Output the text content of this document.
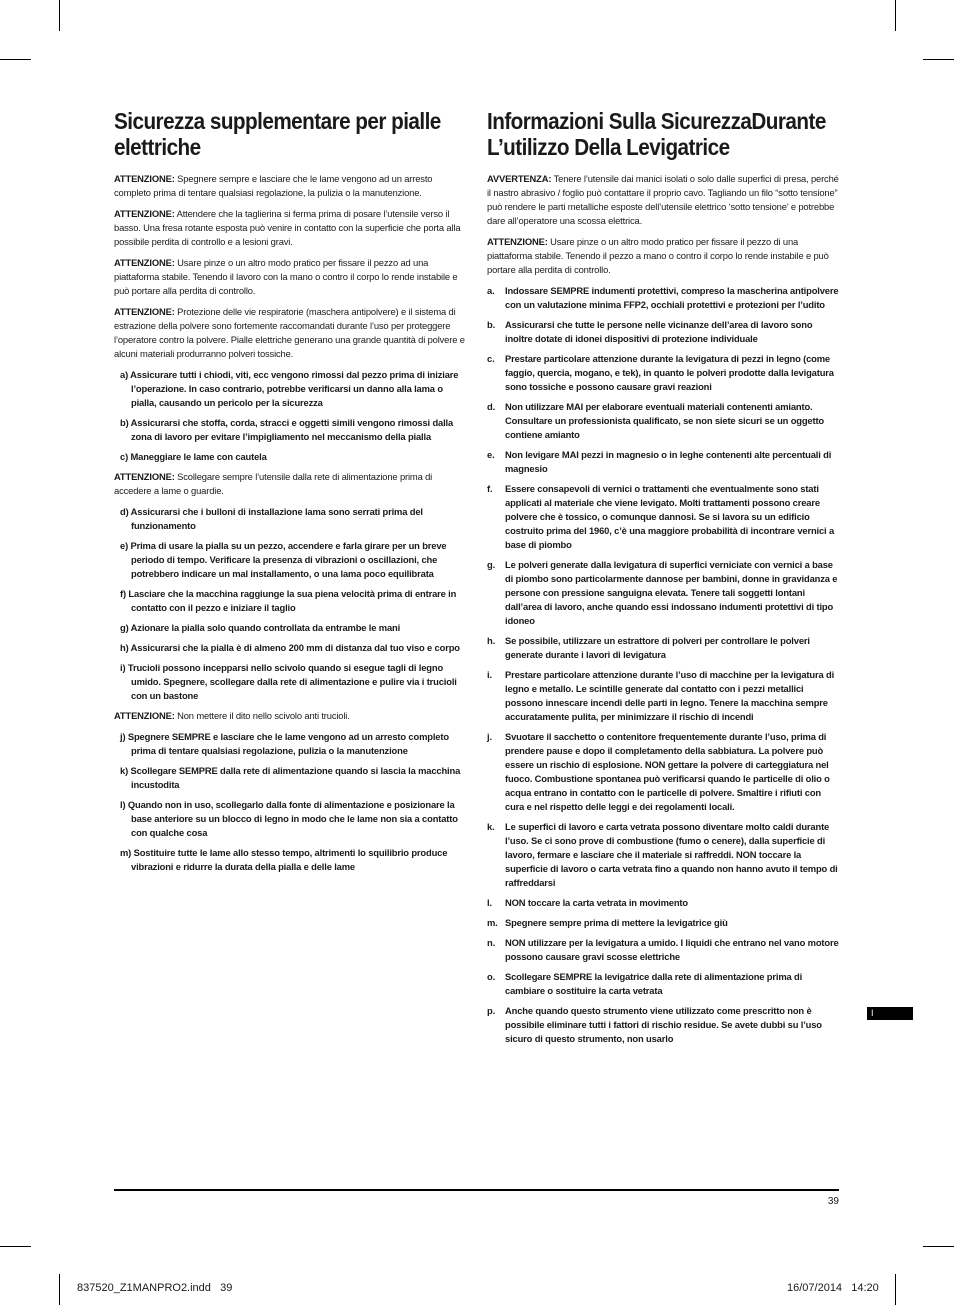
Sicurezza supplementare per pialle elettriche
ATTENZIONE: Spegnere sempre e lasciare che le lame vengono ad un arresto completo prima di tentare qualsiasi regolazione, la pulizia o la manutenzione.
ATTENZIONE: Attendere che la taglierina si ferma prima di posare l’utensile verso il basso. Una fresa rotante esposta può venire in contatto con la superficie che porta alla possibile perdita di controllo e a lesioni gravi.
ATTENZIONE: Usare pinze o un altro modo pratico per fissare il pezzo ad una piattaforma stabile. Tenendo il lavoro con la mano o contro il corpo lo rende instabile e può portare alla perdita di controllo.
ATTENZIONE: Protezione delle vie respiratorie (maschera antipolvere) e il sistema di estrazione della polvere sono fortemente raccomandati durante l’uso per proteggere l’operatore contro la polvere. Pialle elettriche generano una grande quantità di polvere e alcuni materiali produrranno polveri tossiche.
a) Assicurare tutti i chiodi, viti, ecc vengono rimossi dal pezzo prima di iniziare l’operazione. In caso contrario, potrebbe verificarsi un danno alla lama o pialla, causando un pericolo per la sicurezza
b) Assicurarsi che stoffa, corda, stracci e oggetti simili vengono rimossi dalla zona di lavoro per evitare l’impigliamento nel meccanismo della pialla
c) Maneggiare le lame con cautela
ATTENZIONE: Scollegare sempre l’utensile dalla rete di alimentazione prima di accedere a lame o guardie.
d) Assicurarsi che i bulloni di installazione lama sono serrati prima del funzionamento
e) Prima di usare la pialla su un pezzo, accendere e farla girare per un breve periodo di tempo. Verificare la presenza di vibrazioni o oscillazioni, che potrebbero indicare un mal installamento, o una lama poco equilibrata
f) Lasciare che la macchina raggiunge la sua piena velocità prima di entrare in contatto con il pezzo e iniziare il taglio
g) Azionare la pialla solo quando controllata da entrambe le mani
h) Assicurarsi che la pialla è di almeno 200 mm di distanza dal tuo viso e corpo
i) Trucioli possono incepparsi nello scivolo quando si esegue tagli di legno umido. Spegnere, scollegare dalla rete di alimentazione e pulire via i trucioli con un bastone
ATTENZIONE: Non mettere il dito nello scivolo anti trucioli.
j) Spegnere SEMPRE e lasciare che le lame vengono ad un arresto completo prima di tentare qualsiasi regolazione, pulizia o la manutenzione
k) Scollegare SEMPRE dalla rete di alimentazione quando si lascia la macchina incustodita
l) Quando non in uso, scollegarlo dalla fonte di alimentazione e posizionare la base anteriore su un blocco di legno in modo che le lame non sia a contatto con qualche cosa
m) Sostituire tutte le lame allo stesso tempo, altrimenti lo squilibrio produce vibrazioni e ridurre la durata della pialla e delle lame
Informazioni Sulla SicurezzaDurante L’utilizzo Della Levigatrice
AVVERTENZA: Tenere l’utensile dai manici isolati o solo dalle superfici di presa, perché il nastro abrasivo / foglio può contattare il proprio cavo. Tagliando un filo “sotto tensione” può rendere le parti metalliche esposte dell’utensile elettrico ‘sotto tensione’ e potrebbe dare all’operatore una scossa elettrica.
ATTENZIONE: Usare pinze o un altro modo pratico per fissare il pezzo di una piattaforma stabile. Tenendo il pezzo a mano o contro il corpo lo rende instabile e può portare alla perdita di controllo.
a.	Indossare SEMPRE indumenti protettivi, compreso la mascherina antipolvere con un valutazione minima FFP2, occhiali protettivi e protezioni per l’udito
b.	Assicurarsi che tutte le persone nelle vicinanze dell’area di lavoro sono inoltre dotate di idonei dispositivi di protezione individuale
c.	Prestare particolare attenzione durante la levigatura di pezzi in legno (come faggio, quercia, mogano, e tek), in quanto le polveri prodotte dalla levigatura sono tossiche e possono causare gravi reazioni
d.	Non utilizzare MAI per elaborare eventuali materiali contenenti amianto. Consultare un professionista qualificato, se non siete sicuri se un oggetto contiene amianto
e.	Non levigare MAI pezzi in magnesio o in leghe contenenti alte percentuali di magnesio
f.	Essere consapevoli di vernici o trattamenti che eventualmente sono stati applicati al materiale che viene levigato. Molti trattamenti possono creare polvere che è tossico, o comunque dannosi. Se si lavora su un edificio costruito prima del 1960, c’è una maggiore probabilità di incontrare vernici a base di piombo
g.	Le polveri generate dalla levigatura di superfici verniciate con vernici a base di piombo sono particolarmente dannose per bambini, donne in gravidanza e persone con pressione sanguigna elevata. Tenere tali soggetti lontani dall’area di lavoro, anche quando essi indossano indumenti protettivi di tipo idoneo
h.	Se possibile, utilizzare un estrattore di polveri per controllare le polveri generate durante i lavori di levigatura
i.	Prestare particolare attenzione durante l’uso di macchine per la levigatura di legno e metallo. Le scintille generate dal contatto con i pezzi metallici possono innescare incendi delle parti in legno. Tenere la macchina sempre accuratamente pulita, per minimizzare il rischio di incendi
j.	Svuotare il sacchetto o contenitore frequentemente durante l’uso, prima di prendere pause e dopo il completamento della sabbiatura. La polvere può essere un rischio di esplosione. NON gettare la polvere di carteggiatura nel fuoco. Combustione spontanea può verificarsi quando le particelle di olio o acqua entrano in contatto con le particelle di polvere. Smaltire i rifiuti con cura e nel rispetto delle leggi e dei regolamenti locali.
k.	Le superfici di lavoro e carta vetrata possono diventare molto caldi durante l’uso. Se ci sono prove di combustione (fumo o cenere), dalla superficie di lavoro, fermare e lasciare che il materiale si raffreddi. NON toccare la superficie di lavoro o carta vetrata fino a quando non hanno avuto il tempo di raffreddarsi
l.	NON toccare la carta vetrata in movimento
m. Spegnere sempre prima di mettere la levigatrice giù
n.	NON utilizzare per la levigatura a umido. I liquidi che entrano nel vano motore possono causare gravi scosse elettriche
o.	Scollegare SEMPRE la levigatrice dalla rete di alimentazione prima di cambiare o sostituire la carta vetrata
p.	Anche quando questo strumento viene utilizzato come prescritto non è possibile eliminare tutti i fattori di rischio residue. Se avete dubbi su l’uso sicuro di questo strumento, non usarlo
I
39
837520_Z1MANPRO2.indd   39	16/07/2014   14:20
